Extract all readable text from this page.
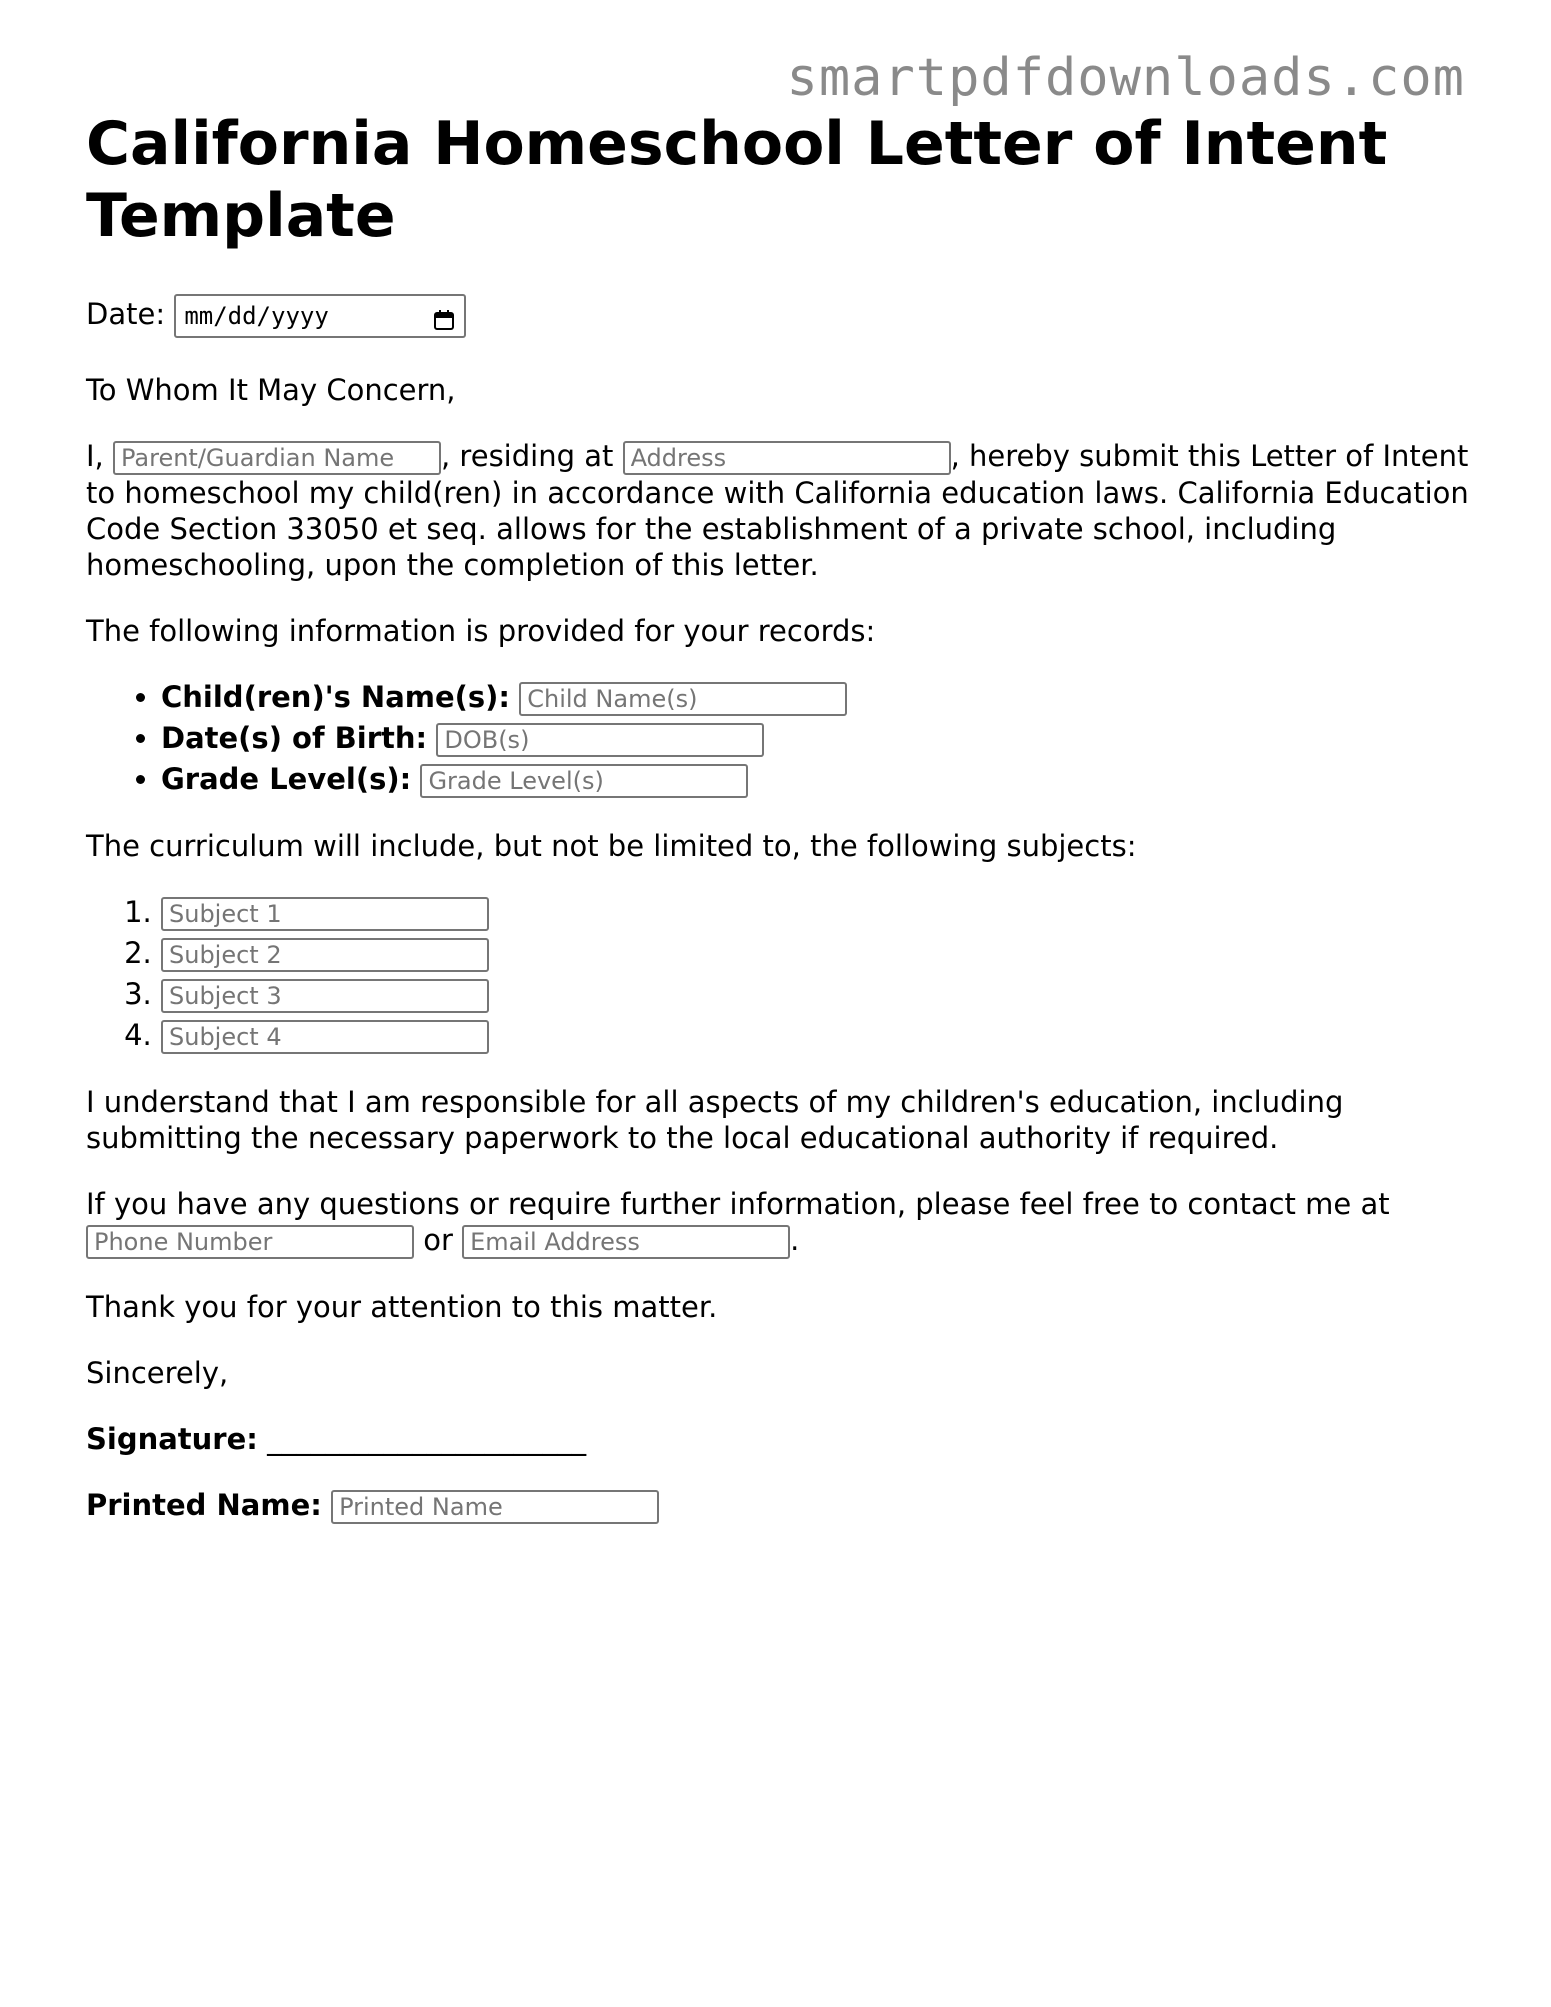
smartpdfdownloads.com
California Homeschool Letter of Intent Template

Date: mm/dd/yyyy

To Whom It May Concern,

I, Parent/Guardian Name	, residing at Address	, hereby submit this Letter of Intent to homeschool my child(ren) in accordance with California education laws. California Education Code Section 33050 et seq. allows for the establishment of a private school, including homeschooling, upon the completion of this letter.

The following information is provided for your records:

• Child(ren)'s Name(s): Child Name(s)
• Date(s) of Birth: DOB(s)
• Grade Level(s): Grade Level(s)

The curriculum will include, but not be limited to, the following subjects:

1. Subject 1
2. Subject 2
3. Subject 3
4. Subject 4

I understand that I am responsible for all aspects of my children's education, including submitting the necessary paperwork to the local educational authority if required.

If you have any questions or require further information, please feel free to contact me at Phone Number or Email Address	.

Thank you for your attention to this matter.

Sincerely,

Signature: ______________________

Printed Name: Printed Name
